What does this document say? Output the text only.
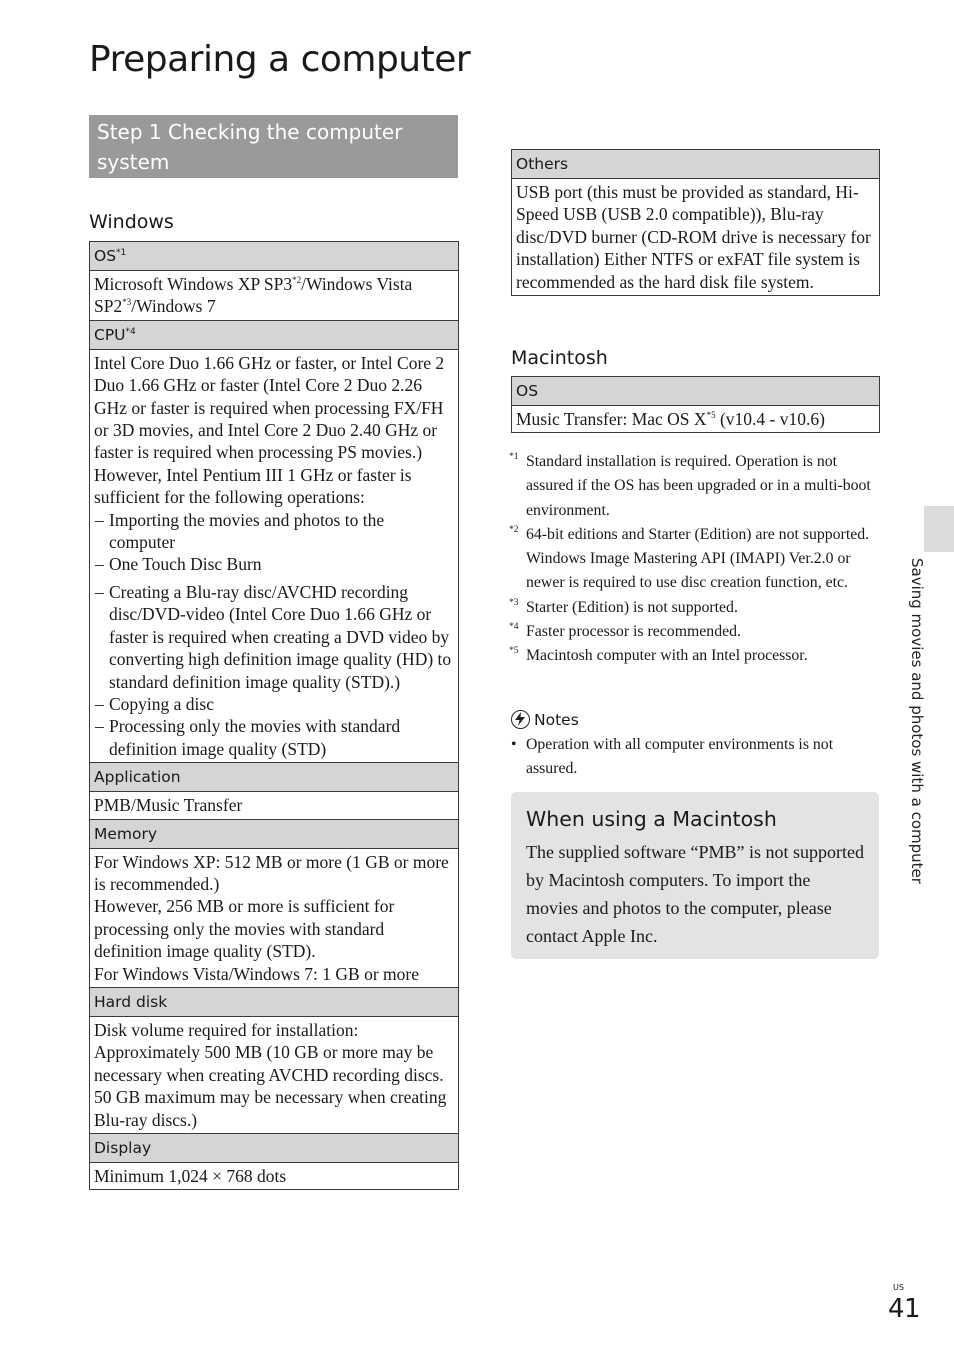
Preparing a computer
Step 1 Checking the computer system
Windows
OS$^{*1}$
Microsoft Windows XP SP3$^{*2}$/Windows Vista SP2$^{*3}$/Windows 7
CPU$^{*4}$

Intel Core Duo 1.66 GHz or faster, or Intel Core 2 Duo 1.66 GHz or faster (Intel Core 2 Duo 2.26 GHz or faster is required when processing FX/FH or 3D movies, and Intel Core 2 Duo 2.40 GHz or faster is required when processing PS movies.)
However, Intel Pentium III 1 GHz or faster is sufficient for the following operations:
– Importing the movies and photos to the computer
– One Touch Disc Burn
– Creating a Blu-ray disc/AVCHD recording disc/DVD-video (Intel Core Duo 1.66 GHz or faster is required when creating a DVD video by converting high definition image quality (HD) to standard definition image quality (STD).)
– Copying a disc
– Processing only the movies with standard definition image quality (STD)

Application
PMB/Music Transfer
Memory

For Windows XP: 512 MB or more (1 GB or more is recommended.)
However, 256 MB or more is sufficient for processing only the movies with standard definition image quality (STD).
For Windows Vista/Windows 7: 1 GB or more

Hard disk

Disk volume required for installation: Approximately 500 MB (10 GB or more may be necessary when creating AVCHD recording discs. 50 GB maximum may be necessary when creating Blu-ray discs.)

Display
Minimum 1,024 × 768 dots
Others
USB port (this must be provided as standard, Hi-Speed USB (USB 2.0 compatible)), Blu-ray disc/DVD burner (CD-ROM drive is necessary for installation) Either NTFS or exFAT file system is recommended as the hard disk file system.
Macintosh
OS
Music Transfer: Mac OS $X^{*5}$ (v10.4 - v10.6)
*1 Standard installation is required. Operation is not assured if the OS has been upgraded or in a multi-boot environment.
*2 64-bit editions and Starter (Edition) are not supported. Windows Image Mastering API (IMAPI) Ver.2.0 or newer is required to use disc creation function, etc.
*3 Starter (Edition) is not supported.
*4 Faster processor is recommended.
*5 Macintosh computer with an Intel processor.
Notes
• Operation with all computer environments is not assured.
When using a Macintosh
The supplied software “PMB” is not supported by Macintosh computers. To import the movies and photos to the computer, please contact Apple Inc.
Saving movies and photos with a computer
US
41
